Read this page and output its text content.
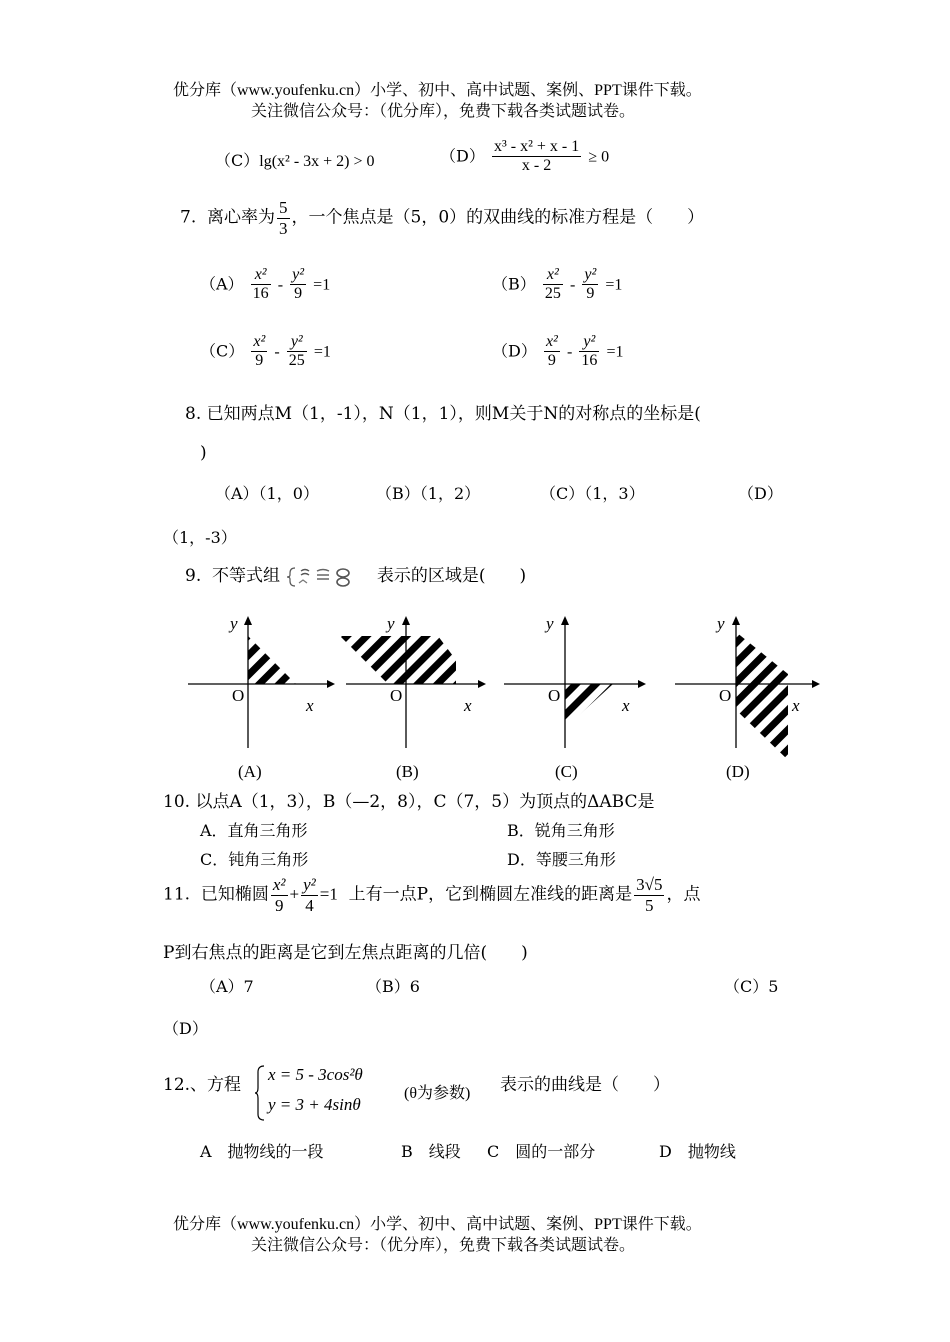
优分库（www.youfenku.cn）小学、初中、高中试题、案例、PPT课件下载。
关注微信公众号：（优分库），免费下载各类试题试卷。
（C）lg(x² - 3x + 2) > 0	$(D) \frac{\text{x³ - x² + x - 1}}{x - 2} \ge 0$
7. 离心率为 $\frac{5}{3}$ ，一个焦点是（5，0）的双曲线的标准方程是（　　）
$(A) \frac{\text{x²}}{16} - \frac{\text{y²}}{9} =1$	$(B) \frac{\text{x²}}{25} - \frac{\text{y²}}{9} =1$
$(C) \frac{\text{x²}}{9} - \frac{\text{y²}}{25} =1$	$(D) \frac{\text{x²}}{9} - \frac{\text{y²}}{16} =1$
8. 已知两点M（1，-1），N（1，1），则M关于N的对称点的坐标是(
)
（A）（1，0）	（B）（1，2）	（C）（1，3）	（D）
（1，-3）
9. 不等式组	表示的区域是(　　)
y
x
O
(A)
y
x
O
(B)
y
x
O
(C)
y
x
O
(D)
10. 以点A（1，3），B（—2，8），C（7，5）为顶点的ΔABC是
A．直角三角形	B．锐角三角形
C．钝角三角形	D．等腰三角形
11. 已知椭圆 $\frac{\text{x²}}{9} + \frac{\text{y²}}{4} =1$ 上有一点P，它到椭圆左准线的距离是 $\frac{3√5}{5}$ ，点
P到右焦点的距离是它到左焦点距离的几倍(　　)
（A）7	（B）6	（C）5
（D）
12.、方程
x = 5 - 3cos²θ
y = 3 + 4sinθ
(θ为参数) 表示的曲线是（　　）
A　抛物线的一段	B　线段 C　圆的一部分	D　抛物线
优分库（www.youfenku.cn）小学、初中、高中试题、案例、PPT课件下载。
关注微信公众号：（优分库），免费下载各类试题试卷。
